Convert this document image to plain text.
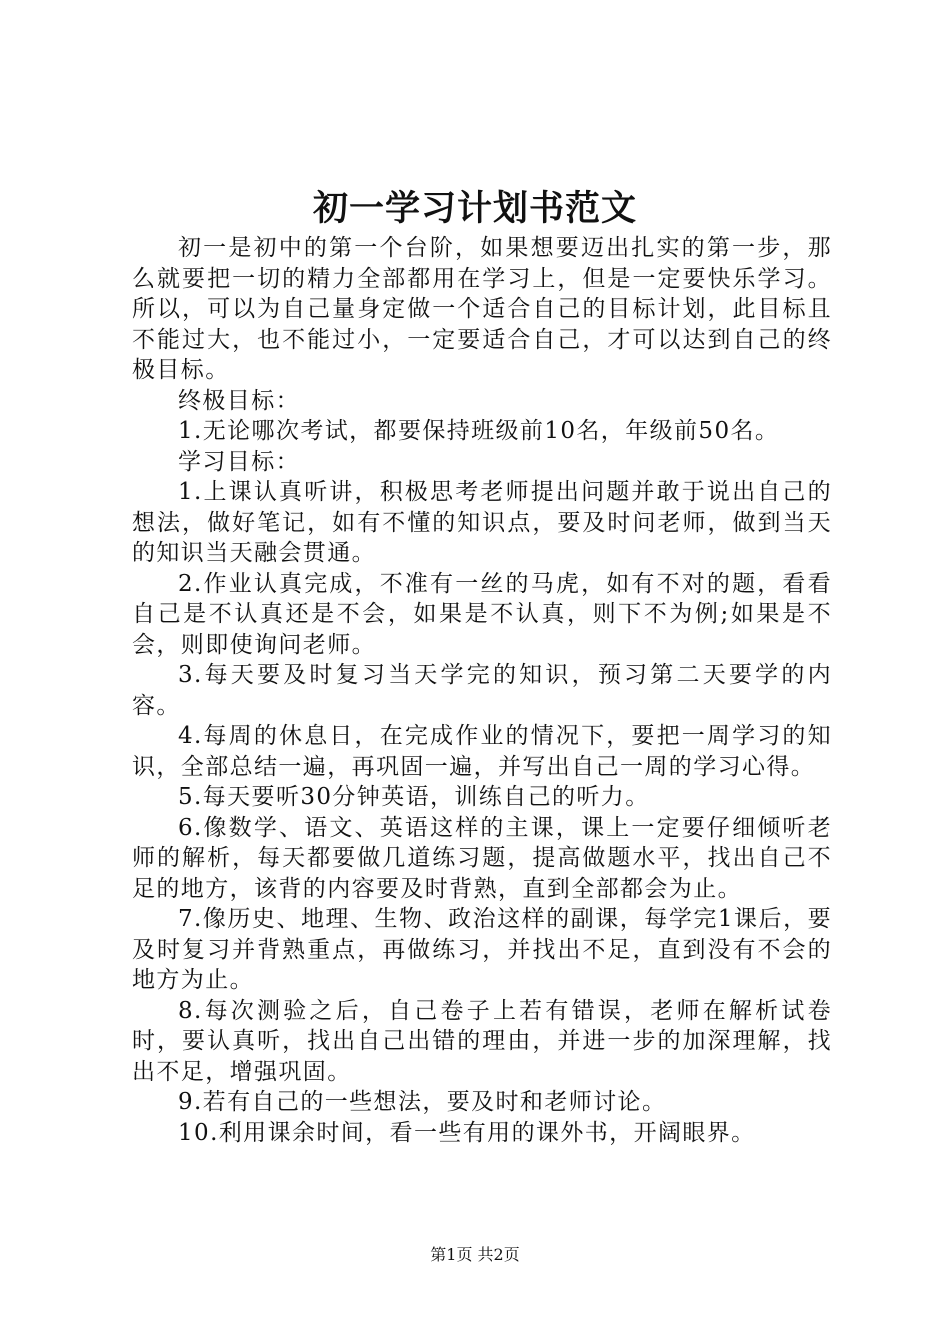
初一学习计划书范文

初一是初中的第一个台阶，如果想要迈出扎实的第一步，那么就要把一切的精力全部都用在学习上，但是一定要快乐学习。所以，可以为自己量身定做一个适合自己的目标计划，此目标且不能过大，也不能过小，一定要适合自己，才可以达到自己的终极目标。

终极目标：

1.无论哪次考试，都要保持班级前10名，年级前50名。

学习目标：

1.上课认真听讲，积极思考老师提出问题并敢于说出自己的想法，做好笔记，如有不懂的知识点，要及时问老师，做到当天的知识当天融会贯通。

2.作业认真完成，不准有一丝的马虎，如有不对的题，看看自己是不认真还是不会，如果是不认真，则下不为例;如果是不会，则即使询问老师。

3.每天要及时复习当天学完的知识，预习第二天要学的内容。

4.每周的休息日，在完成作业的情况下，要把一周学习的知识，全部总结一遍，再巩固一遍，并写出自己一周的学习心得。

5.每天要听30分钟英语，训练自己的听力。

6.像数学、语文、英语这样的主课，课上一定要仔细倾听老师的解析，每天都要做几道练习题，提高做题水平，找出自己不足的地方，该背的内容要及时背熟，直到全部都会为止。

7.像历史、地理、生物、政治这样的副课，每学完1课后，要及时复习并背熟重点，再做练习，并找出不足，直到没有不会的地方为止。

8.每次测验之后，自己卷子上若有错误，老师在解析试卷时，要认真听，找出自己出错的理由，并进一步的加深理解，找出不足，增强巩固。

9.若有自己的一些想法，要及时和老师讨论。

10.利用课余时间，看一些有用的课外书，开阔眼界。

第1页 共2页
